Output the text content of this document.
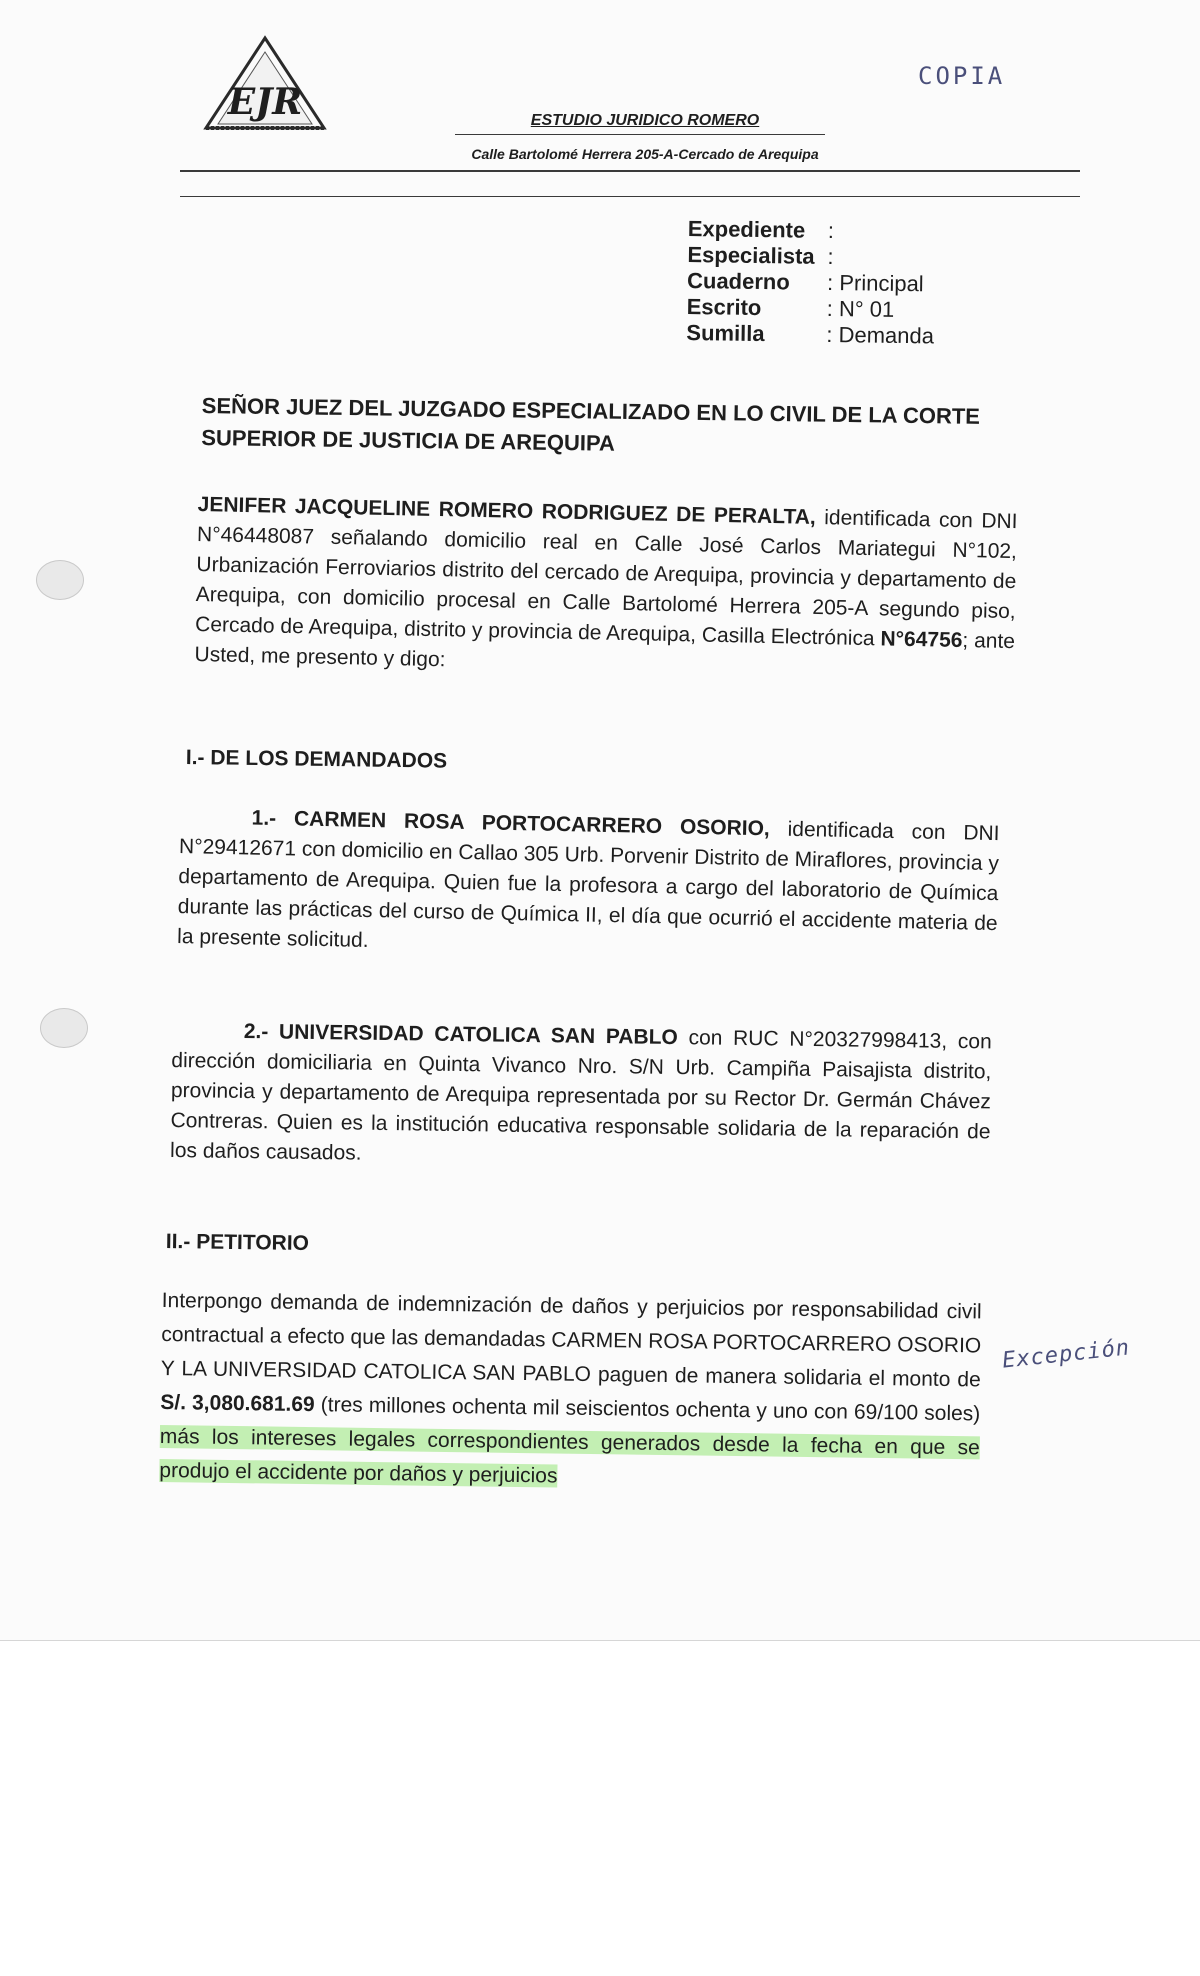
COPIA
EJR	ESTUDIO JURIDICO ROMERO
Calle Bartolomé Herrera 205-A-Cercado de Arequipa
Expediente	:
Especialista :
Cuaderno	: Principal
Escrito	: N° 01
Sumilla	: Demanda
SEÑOR JUEZ DEL JUZGADO ESPECIALIZADO EN LO CIVIL DE LA CORTE SUPERIOR DE JUSTICIA DE AREQUIPA
JENIFER JACQUELINE ROMERO RODRIGUEZ DE PERALTA, identificada con DNI N°46448087 señalando domicilio real en Calle José Carlos Mariategui N°102, Urbanización Ferroviarios distrito del cercado de Arequipa, provincia y departamento de Arequipa, con domicilio procesal en Calle Bartolomé Herrera 205-A segundo piso, Cercado de Arequipa, distrito y provincia de Arequipa, Casilla Electrónica N°64756; ante Usted, me presento y digo:
I.- DE LOS DEMANDADOS
1.- CARMEN ROSA PORTOCARRERO OSORIO, identificada con DNI N°29412671 con domicilio en Callao 305 Urb. Porvenir Distrito de Miraflores, provincia y departamento de Arequipa. Quien fue la profesora a cargo del laboratorio de Química durante las prácticas del curso de Química II, el día que ocurrió el accidente materia de la presente solicitud.
2.- UNIVERSIDAD CATOLICA SAN PABLO con RUC N°20327998413, con dirección domiciliaria en Quinta Vivanco Nro. S/N Urb. Campiña Paisajista distrito, provincia y departamento de Arequipa representada por su Rector Dr. Germán Chávez Contreras. Quien es la institución educativa responsable solidaria de la reparación de los daños causados.
II.- PETITORIO
Interpongo demanda de indemnización de daños y perjuicios por responsabilidad civil contractual a efecto que las demandadas CARMEN ROSA PORTOCARRERO OSORIO Y LA UNIVERSIDAD CATOLICA SAN PABLO paguen de manera solidaria el monto de S/. 3,080.681.69 (tres millones ochenta mil seiscientos ochenta y uno con 69/100 soles) más los intereses legales correspondientes generados desde la fecha en que se produjo el accidente por daños y perjuicios
Excepción
